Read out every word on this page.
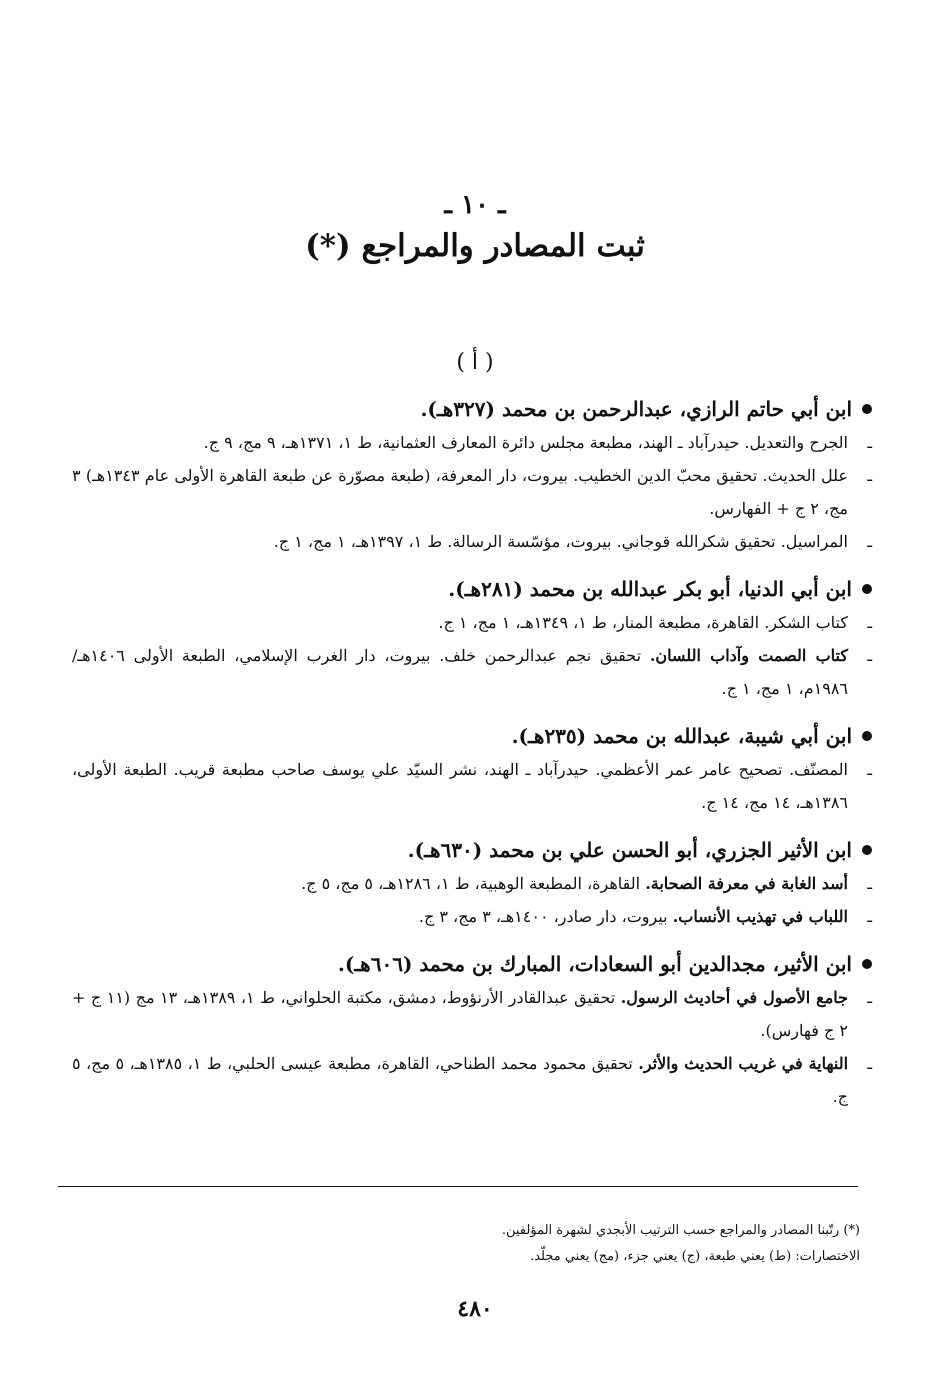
ـ ١٠ ـ
ثبت المصادر والمراجع (*)
( أ )
ابن أبي حاتم الرازي، عبدالرحمن بن محمد (٣٢٧هـ).
ـ
الجرح والتعديل. حيدرآباد ـ الهند، مطبعة مجلس دائرة المعارف العثمانية، ط ١، ١٣٧١هـ، ٩ مج، ٩ ج.
ـ
علل الحديث. تحقيق محبّ الدين الخطيب. بيروت، دار المعرفة، (طبعة مصوّرة عن طبعة القاهرة الأولى عام ١٣٤٣هـ) ٣ مج، ٢ ج + الفهارس.
ـ
المراسيل. تحقيق شكرالله قوجاني. بيروت، مؤسّسة الرسالة. ط ١، ١٣٩٧هـ، ١ مج، ١ ج.
ابن أبي الدنيا، أبو بكر عبدالله بن محمد (٢٨١هـ).
ـ
كتاب الشكر. القاهرة، مطبعة المنار، ط ١، ١٣٤٩هـ، ١ مج، ١ ج.
ـ
كتاب الصمت وآداب اللسان. تحقيق نجم عبدالرحمن خلف. بيروت، دار الغرب الإسلامي، الطبعة الأولى ١٤٠٦هـ/ ١٩٨٦م، ١ مج، ١ ج.
ابن أبي شيبة، عبدالله بن محمد (٢٣٥هـ).
ـ
المصنّف. تصحيح عامر عمر الأعظمي. حيدرآباد ـ الهند، نشر السيّد علي يوسف صاحب مطبعة قريب. الطبعة الأولى، ١٣٨٦هـ، ١٤ مج، ١٤ ج.
ابن الأثير الجزري، أبو الحسن علي بن محمد (٦٣٠هـ).
ـ
أسد الغابة في معرفة الصحابة. القاهرة، المطبعة الوهبية، ط ١، ١٢٨٦هـ، ٥ مج، ٥ ج.
ـ
اللباب في تهذيب الأنساب. بيروت، دار صادر، ١٤٠٠هـ، ٣ مج، ٣ ج.
ابن الأثير، مجدالدين أبو السعادات، المبارك بن محمد (٦٠٦هـ).
ـ
جامع الأصول في أحاديث الرسول. تحقيق عبدالقادر الأرنؤوط، دمشق، مكتبة الحلواني، ط ١، ١٣٨٩هـ، ١٣ مج (١١ ج + ٢ ج فهارس).
ـ
النهاية في غريب الحديث والأثر. تحقيق محمود محمد الطناحي، القاهرة، مطبعة عيسى الحلبي، ط ١، ١٣٨٥هـ، ٥ مج، ٥ ج.
(*) رتّبنا المصادر والمراجع حسب الترتيب الأبجدي لشهرة المؤلفين.
الاختصارات: (ط) يعني طبعة، (ج) يعني جزء، (مج) يعني مجلّد.
٤٨٠
